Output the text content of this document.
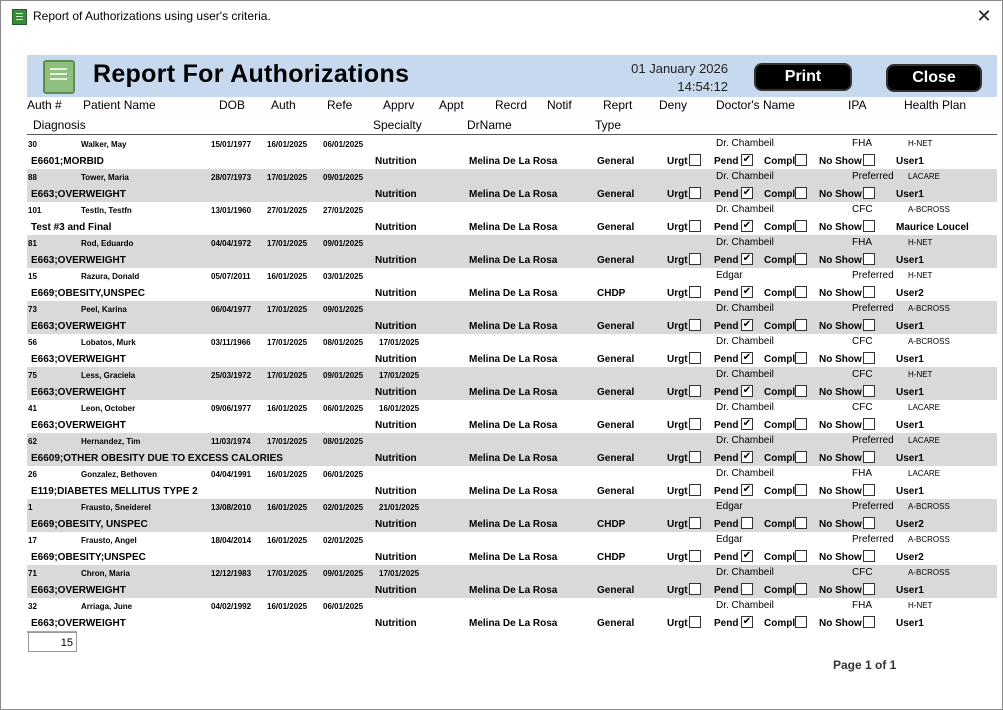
Report of Authorizations using user's criteria.	✕
Report For Authorizations	01 January 2026
14:54:12
Print	Close
Auth # Patient Name	DOB Auth	Refe	Apprv Appt	Recrd Notif	Reprt Deny Doctor's Name	IPA	Health Plan
Diagnosis	Specialty	DrName	Type
30	Walker, May	15/01/1977 16/01/2025 06/01/2025	Dr. Chambeil	FHA	H-NET
E6601;MORBID	Nutrition	Melina De La Rosa	General	User1
Urgt	Pend ✔ Compl No Show
88	Tower, Maria	28/07/1973 17/01/2025 09/01/2025	Dr. Chambeil	Preferred LACARE
E663;OVERWEIGHT	Nutrition	Melina De La Rosa	General	User1
Urgt	Pend ✔ Compl No Show
101	Testln, Testfn	13/01/1960 27/01/2025 27/01/2025	Dr. Chambeil	CFC	A-BCROSS
Test #3 and Final	Nutrition	Melina De La Rosa	General	Maurice Loucel
Urgt	Pend ✔ Compl No Show
81	Rod, Eduardo	04/04/1972 17/01/2025 09/01/2025	Dr. Chambeil	FHA	H-NET
E663;OVERWEIGHT	Nutrition	Melina De La Rosa	General	User1
Urgt	Pend ✔ Compl No Show
15	Razura, Donald	05/07/2011 16/01/2025 03/01/2025	Edgar	Preferred H-NET
E669;OBESITY,UNSPEC	Nutrition	Melina De La Rosa	CHDP	User2
Urgt	Pend ✔ Compl No Show
73	Peel, Karina	06/04/1977 17/01/2025 09/01/2025	Dr. Chambeil	Preferred A-BCROSS
E663;OVERWEIGHT	Nutrition	Melina De La Rosa	General	User1
Urgt	Pend ✔ Compl No Show
56	Lobatos, Murk	03/11/1966 17/01/2025 08/01/2025 17/01/2025	Dr. Chambeil	CFC	A-BCROSS
E663;OVERWEIGHT	Nutrition	Melina De La Rosa	General	User1
Urgt	Pend ✔ Compl No Show
75	Less, Graciela	25/03/1972 17/01/2025 09/01/2025 17/01/2025	Dr. Chambeil	CFC	H-NET
E663;OVERWEIGHT	Nutrition	Melina De La Rosa	General	User1
Urgt	Pend ✔ Compl No Show
41	Leon, October	09/06/1977 16/01/2025 06/01/2025 16/01/2025	Dr. Chambeil	CFC	LACARE
E663;OVERWEIGHT	Nutrition	Melina De La Rosa	General	User1
Urgt	Pend ✔ Compl No Show
62	Hernandez, Tim	11/03/1974 17/01/2025 08/01/2025	Dr. Chambeil	Preferred LACARE
E6609;OTHER OBESITY DUE TO EXCESS CALORIES	Nutrition	Melina De La Rosa	General	User1
Urgt	Pend ✔ Compl No Show
26	Gonzalez, Bethoven	04/04/1991 16/01/2025 06/01/2025	Dr. Chambeil	FHA	LACARE
E119;DIABETES MELLITUS TYPE 2	Nutrition	Melina De La Rosa	General	User1
Urgt	Pend ✔ Compl No Show
1	Frausto, Sneiderel	13/08/2010 16/01/2025 02/01/2025 21/01/2025	Edgar	Preferred A-BCROSS
E669;OBESITY, UNSPEC	Nutrition	Melina De La Rosa	CHDP	User2
Urgt	Pend	Compl No Show
17	Frausto, Angel	18/04/2014 16/01/2025 02/01/2025	Edgar	Preferred A-BCROSS
E669;OBESITY;UNSPEC	Nutrition	Melina De La Rosa	CHDP	User2
Urgt	Pend ✔ Compl No Show
71	Chron, Maria	12/12/1983 17/01/2025 09/01/2025 17/01/2025	Dr. Chambeil	CFC	A-BCROSS
E663;OVERWEIGHT	Nutrition	Melina De La Rosa	General	User1
Urgt	Pend	Compl No Show
32	Arriaga, June	04/02/1992 16/01/2025 06/01/2025	Dr. Chambeil	FHA	H-NET
E663;OVERWEIGHT	Nutrition	Melina De La Rosa	General	User1
Urgt	Pend ✔ Compl No Show
15
Page 1 of 1
